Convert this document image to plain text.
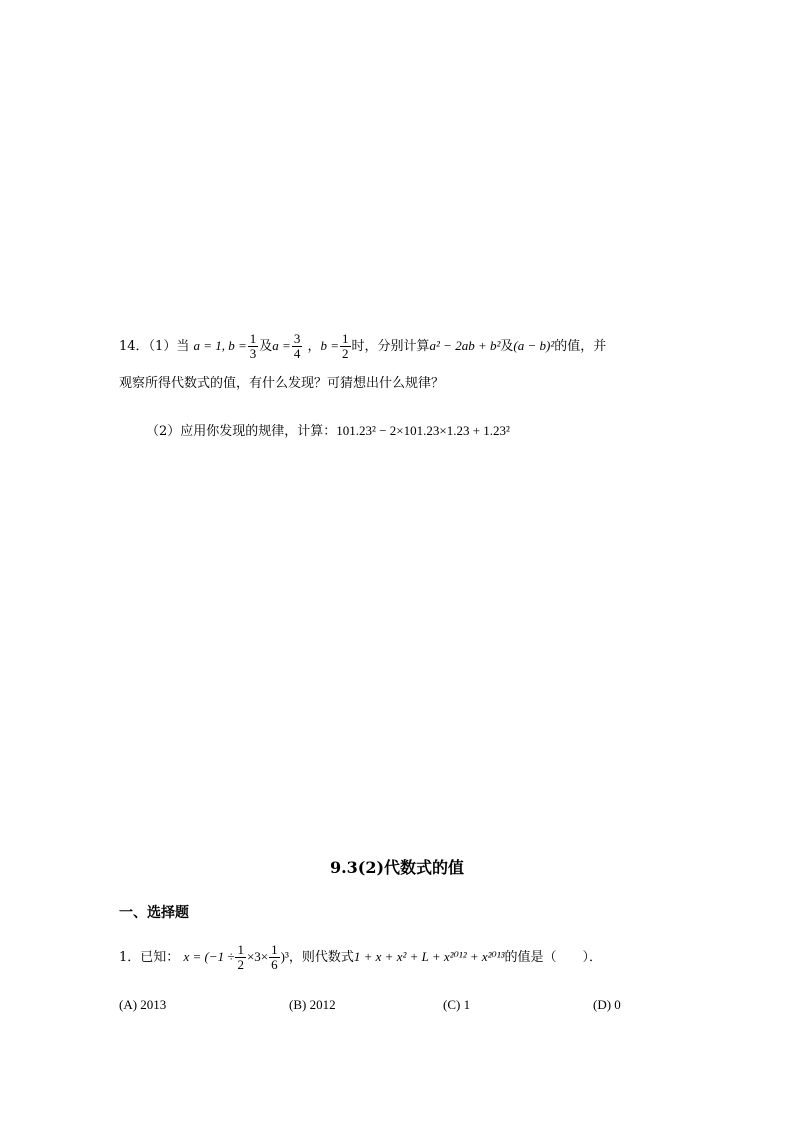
14．（1）当 a = 1, $b = \frac{1}{3}$ 及$a = \frac{3}{4}$ ，$b = \frac{1}{2}$ 时，分别计算a² − 2ab + b²及(a − b)²的值，并
观察所得代数式的值，有什么发现？可猜想出什么规律？
（2）应用你发现的规律，计算：101.23² − 2×101.23×1.23 + 1.23²
9.3(2)代数式的值
一、选择题
1．已知： $x = (-1 \div \frac{1}{2} \times 3\times \frac{1}{6} )^3$，则代数式1 + x + x² + L + x²⁰¹² + x²⁰¹³的值是（　　）．
(A) 2013	(B) 2012	(C) 1	(D) 0
